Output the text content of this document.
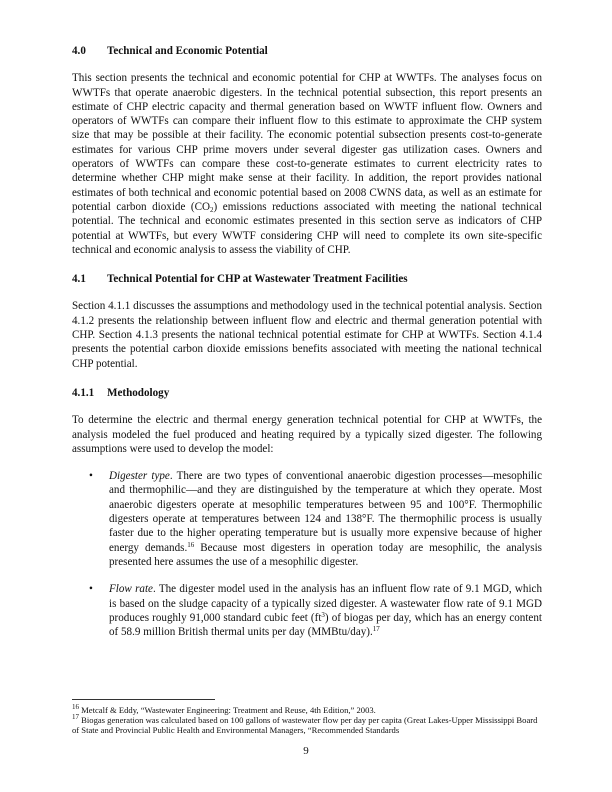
4.0 Technical and Economic Potential

This section presents the technical and economic potential for CHP at WWTFs. The analyses focus on WWTFs that operate anaerobic digesters. In the technical potential subsection, this report presents an estimate of CHP electric capacity and thermal generation based on WWTF influent flow. Owners and operators of WWTFs can compare their influent flow to this estimate to approximate the CHP system size that may be possible at their facility. The economic potential subsection presents cost-to-generate estimates for various CHP prime movers under several digester gas utilization cases. Owners and operators of WWTFs can compare these cost-to-generate estimates to current electricity rates to determine whether CHP might make sense at their facility. In addition, the report provides national estimates of both technical and economic potential based on 2008 CWNS data, as well as an estimate for potential carbon dioxide $(CO_2)$ emissions reductions associated with meeting the national technical potential. The technical and economic estimates presented in this section serve as indicators of CHP potential at WWTFs, but every WWTF considering CHP will need to complete its own site-specific technical and economic analysis to assess the viability of CHP.

4.1 Technical Potential for CHP at Wastewater Treatment Facilities

Section 4.1.1 discusses the assumptions and methodology used in the technical potential analysis. Section 4.1.2 presents the relationship between influent flow and electric and thermal generation potential with CHP. Section 4.1.3 presents the national technical potential estimate for CHP at WWTFs. Section 4.1.4 presents the potential carbon dioxide emissions benefits associated with meeting the national technical CHP potential.

4.1.1 Methodology

To determine the electric and thermal energy generation technical potential for CHP at WWTFs, the analysis modeled the fuel produced and heating required by a typically sized digester. The following assumptions were used to develop the model:

• Digester type. There are two types of conventional anaerobic digestion processes—mesophilic and thermophilic—and they are distinguished by the temperature at which they operate. Most anaerobic digesters operate at mesophilic temperatures between 95 and 100°F. Thermophilic digesters operate at temperatures between 124 and 138°F. The thermophilic process is usually faster due to the higher operating temperature but is usually more expensive because of higher energy demands.$^{16}$ Because most digesters in operation today are mesophilic, the analysis presented here assumes the use of a mesophilic digester.
• Flow rate. The digester model used in the analysis has an influent flow rate of 9.1 MGD, which is based on the sludge capacity of a typically sized digester. A wastewater flow rate of 9.1 MGD produces roughly 91,000 standard cubic feet $(ft^3)$ of biogas per day, which has an energy content of 58.9 million British thermal units per day (MMBtu/day).$^{17}$

$^{16}$ Metcalf & Eddy, “Wastewater Engineering: Treatment and Reuse, 4th Edition,” 2003.

$^{17}$ Biogas generation was calculated based on 100 gallons of wastewater flow per day per capita (Great Lakes-Upper Mississippi Board of State and Provincial Public Health and Environmental Managers, “Recommended Standards

9
